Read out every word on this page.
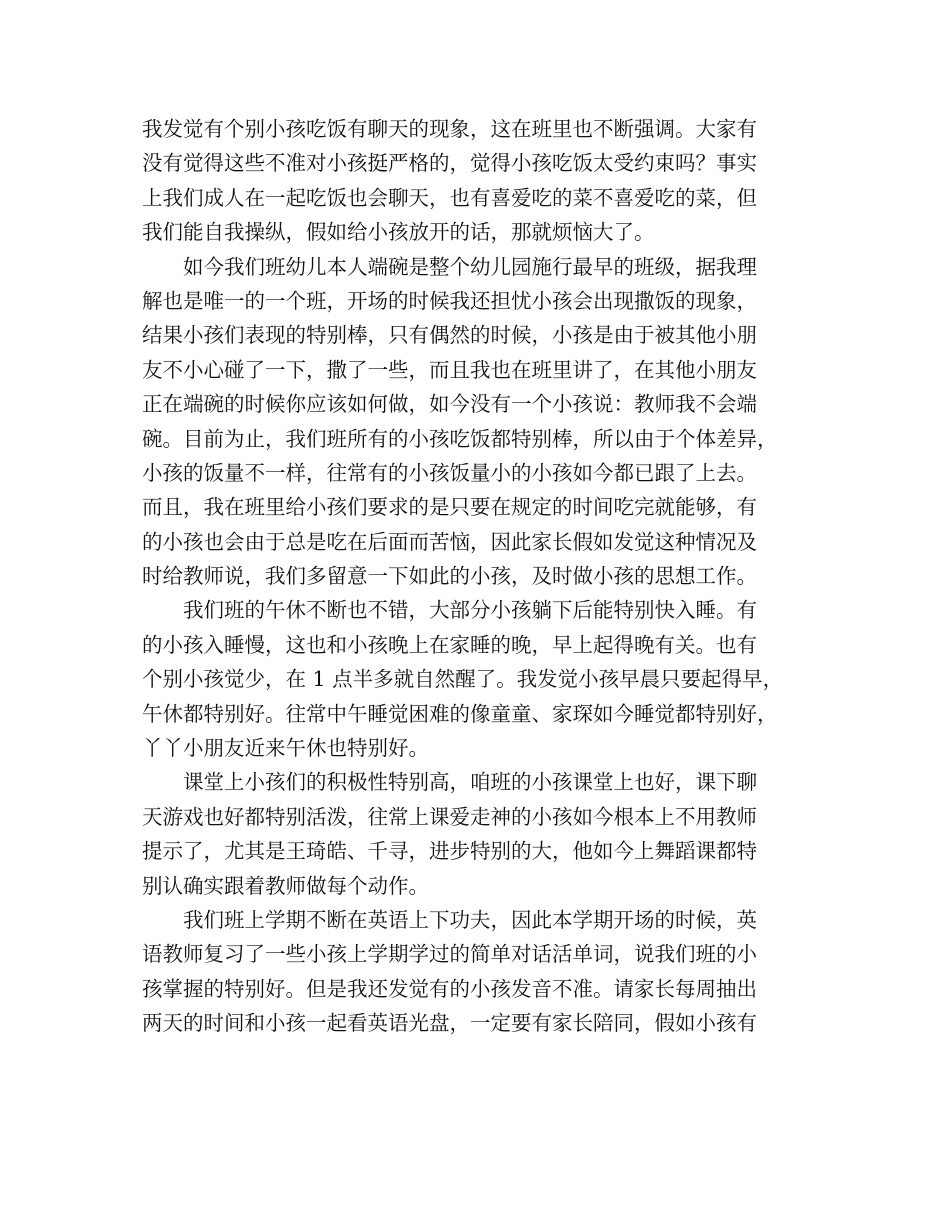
我发觉有个别小孩吃饭有聊天的现象，这在班里也不断强调。大家有
没有觉得这些不准对小孩挺严格的，觉得小孩吃饭太受约束吗？事实
上我们成人在一起吃饭也会聊天，也有喜爱吃的菜不喜爱吃的菜，但
我们能自我操纵，假如给小孩放开的话，那就烦恼大了。

如今我们班幼儿本人端碗是整个幼儿园施行最早的班级，据我理
解也是唯一的一个班，开场的时候我还担忧小孩会出现撒饭的现象，
结果小孩们表现的特别棒，只有偶然的时候，小孩是由于被其他小朋
友不小心碰了一下，撒了一些，而且我也在班里讲了，在其他小朋友
正在端碗的时候你应该如何做，如今没有一个小孩说：教师我不会端
碗。目前为止，我们班所有的小孩吃饭都特别棒，所以由于个体差异，
小孩的饭量不一样，往常有的小孩饭量小的小孩如今都已跟了上去。
而且，我在班里给小孩们要求的是只要在规定的时间吃完就能够，有
的小孩也会由于总是吃在后面而苦恼，因此家长假如发觉这种情况及
时给教师说，我们多留意一下如此的小孩，及时做小孩的思想工作。

我们班的午休不断也不错，大部分小孩躺下后能特别快入睡。有
的小孩入睡慢，这也和小孩晚上在家睡的晚，早上起得晚有关。也有
个别小孩觉少，在 1 点半多就自然醒了。我发觉小孩早晨只要起得早，
午休都特别好。往常中午睡觉困难的像童童、家琛如今睡觉都特别好，
丫丫小朋友近来午休也特别好。

课堂上小孩们的积极性特别高，咱班的小孩课堂上也好，课下聊
天游戏也好都特别活泼，往常上课爱走神的小孩如今根本上不用教师
提示了，尤其是王琦皓、千寻，进步特别的大，他如今上舞蹈课都特
别认确实跟着教师做每个动作。

我们班上学期不断在英语上下功夫，因此本学期开场的时候，英
语教师复习了一些小孩上学期学过的简单对话活单词，说我们班的小
孩掌握的特别好。但是我还发觉有的小孩发音不准。请家长每周抽出
两天的时间和小孩一起看英语光盘，一定要有家长陪同，假如小孩有
